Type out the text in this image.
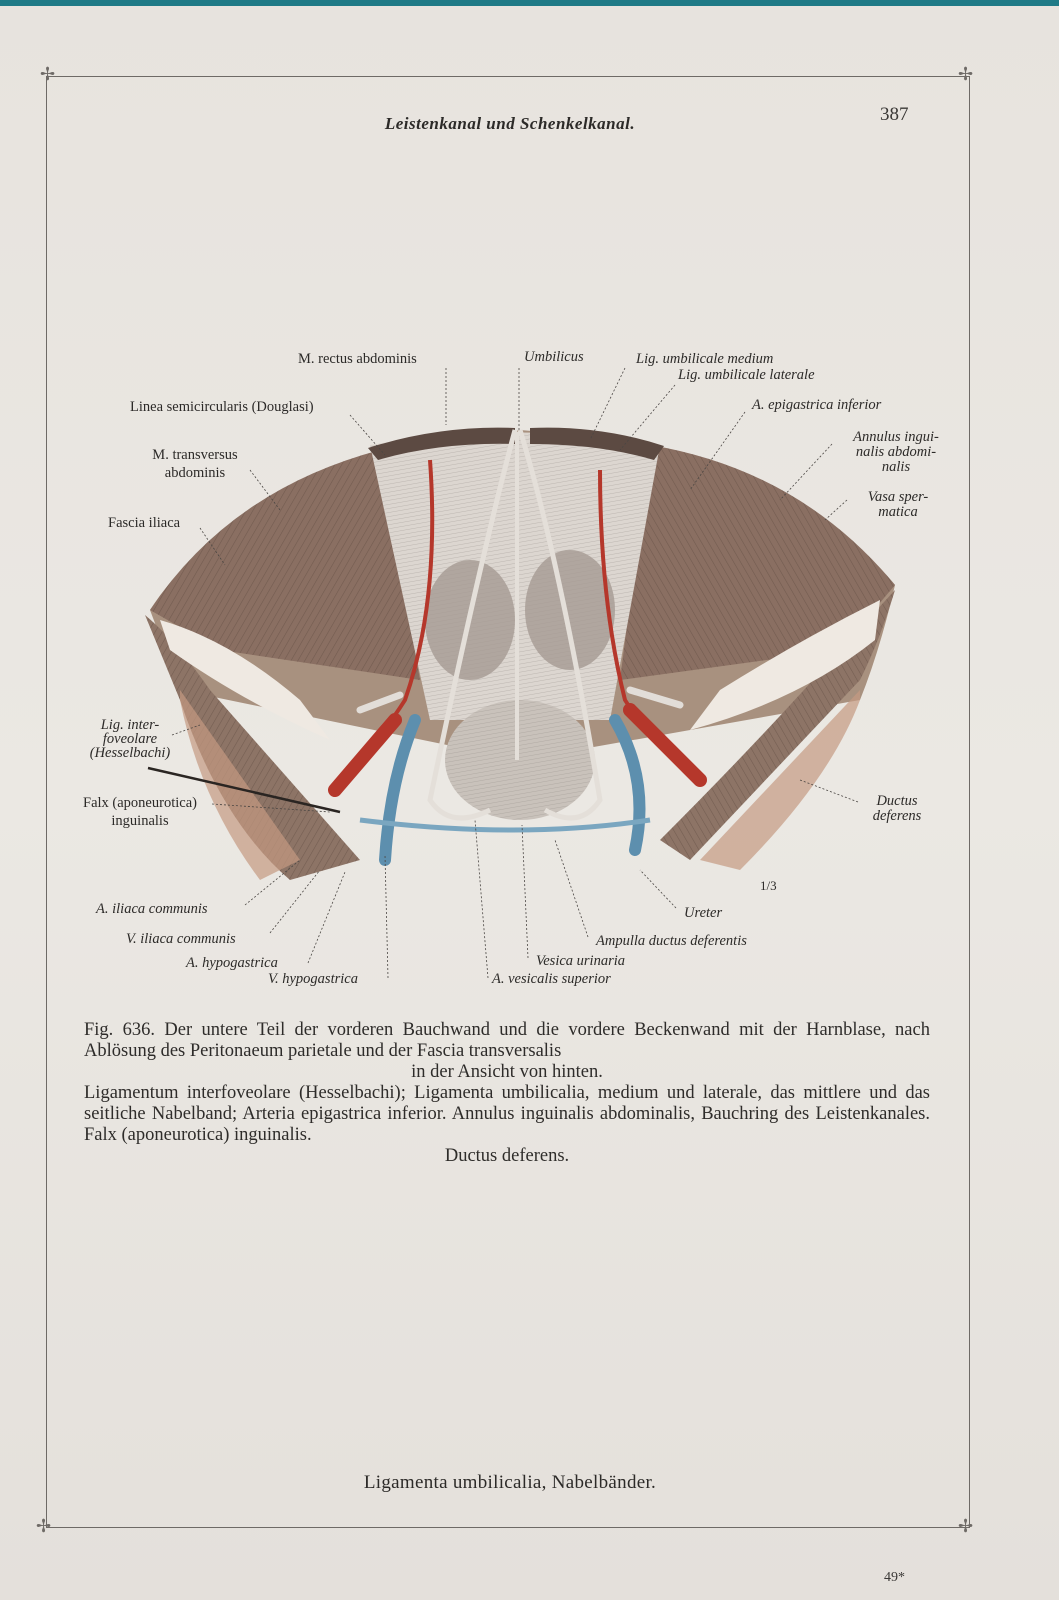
✢	✢
✢	✢
Leistenkanal und Schenkelkanal.	387
M. rectus abdominis	Umbilicus	Lig. umbilicale medium
Lig. umbilicale laterale
Linea semicircularis (Douglasi)	A. epigastrica inferior
M. transversus
abdominis
Annulus ingui-
nalis abdomi-
nalis
Fascia iliaca
Vasa sper-
matica
Lig. inter-
foveolare
(Hesselbachi)
Falx (aponeurotica)
inguinalis
Ductus
deferens
A. iliaca communis	Ureter
V. iliaca communis	Ampulla ductus deferentis
A. hypogastrica	Vesica urinaria
V. hypogastrica	A. vesicalis superior
1/3

Fig. 636. Der untere Teil der vorderen Bauchwand und die vordere Beckenwand mit der Harnblase, nach Ablösung des Peritonaeum parietale und der Fascia transversalis

in der Ansicht von hinten.

Ligamentum interfoveolare (Hesselbachi); Ligamenta umbilicalia, medium und laterale, das mittlere und das seitliche Nabelband; Arteria epigastrica inferior. Annulus inguinalis abdominalis, Bauchring des Leistenkanales. Falx (aponeurotica) inguinalis.

Ductus deferens.

Ligamenta umbilicalia, Nabelbänder.
49*
